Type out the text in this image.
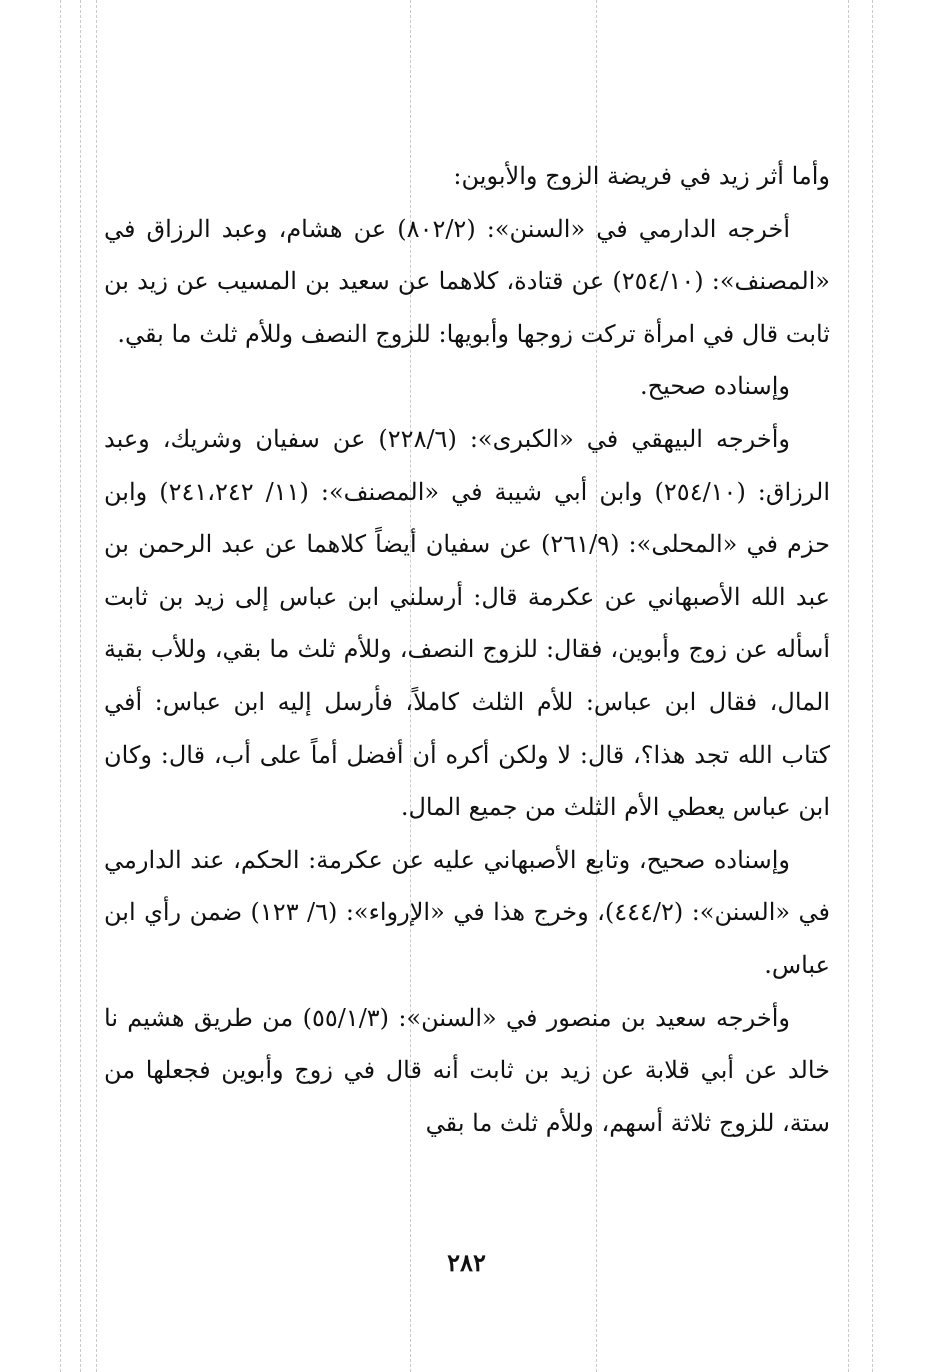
وأما أثر زيد في فريضة الزوج والأبوين:

أخرجه الدارمي في «السنن»: (٨٠٢/٢) عن هشام، وعبد الرزاق في «المصنف»: (٢٥٤/١٠) عن قتادة، كلاهما عن سعيد بن المسيب عن زيد بن ثابت قال في امرأة تركت زوجها وأبويها: للزوج النصف وللأم ثلث ما بقي.

وإسناده صحيح.

وأخرجه البيهقي في «الكبرى»: (٢٢٨/٦) عن سفيان وشريك، وعبد الرزاق: (٢٥٤/١٠) وابن أبي شيبة في «المصنف»: (١١/ ٢٤١،٢٤٢) وابن حزم في «المحلى»: (٢٦١/٩) عن سفيان أيضاً كلاهما عن عبد الرحمن بن عبد الله الأصبهاني عن عكرمة قال: أرسلني ابن عباس إلى زيد بن ثابت أسأله عن زوج وأبوين، فقال: للزوج النصف، وللأم ثلث ما بقي، وللأب بقية المال، فقال ابن عباس: للأم الثلث كاملاً، فأرسل إليه ابن عباس: أفي كتاب الله تجد هذا؟، قال: لا ولكن أكره أن أفضل أماً على أب، قال: وكان ابن عباس يعطي الأم الثلث من جميع المال.

وإسناده صحيح، وتابع الأصبهاني عليه عن عكرمة: الحكم، عند الدارمي في «السنن»: (٤٤٤/٢)، وخرج هذا في «الإرواء»: (٦/ ١٢٣) ضمن رأي ابن عباس.

وأخرجه سعيد بن منصور في «السنن»: (٥٥/١/٣) من طريق هشيم نا خالد عن أبي قلابة عن زيد بن ثابت أنه قال في زوج وأبوين فجعلها من ستة، للزوج ثلاثة أسهم، وللأم ثلث ما بقي

٢٨٢
